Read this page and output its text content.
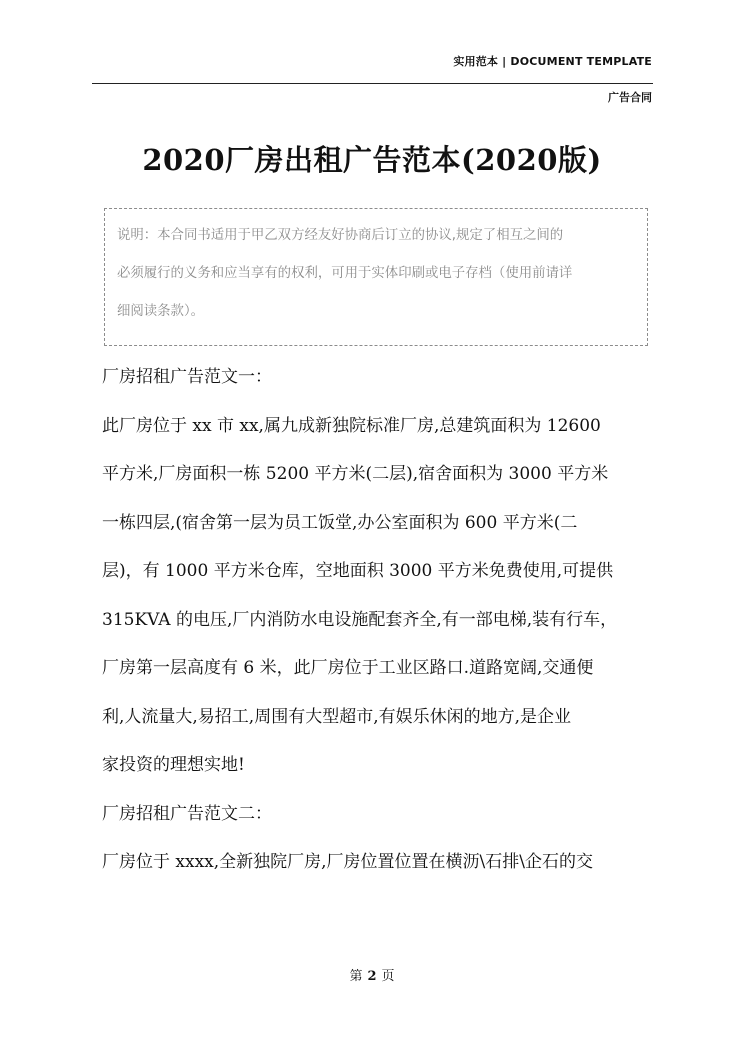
实用范本 | DOCUMENT TEMPLATE
广告合同
2020厂房出租广告范本(2020版)
说明：本合同书适用于甲乙双方经友好协商后订立的协议,规定了相互之间的
必须履行的义务和应当享有的权利，可用于实体印刷或电子存档（使用前请详
细阅读条款）。
厂房招租广告范文一：
此厂房位于 xx 市 xx,属九成新独院标准厂房,总建筑面积为 12600
平方米,厂房面积一栋 5200 平方米(二层),宿舍面积为 3000 平方米
一栋四层,(宿舍第一层为员工饭堂,办公室面积为 600 平方米(二
层)，有 1000 平方米仓库，空地面积 3000 平方米免费使用,可提供
315KVA 的电压,厂内消防水电设施配套齐全,有一部电梯,装有行车，
厂房第一层高度有 6 米，此厂房位于工业区路口.道路宽阔,交通便
利,人流量大,易招工,周围有大型超市,有娱乐休闲的地方,是企业
家投资的理想实地!
厂房招租广告范文二：
厂房位于 xxxx,全新独院厂房,厂房位置位置在横沥\石排\企石的交
第 2 页
